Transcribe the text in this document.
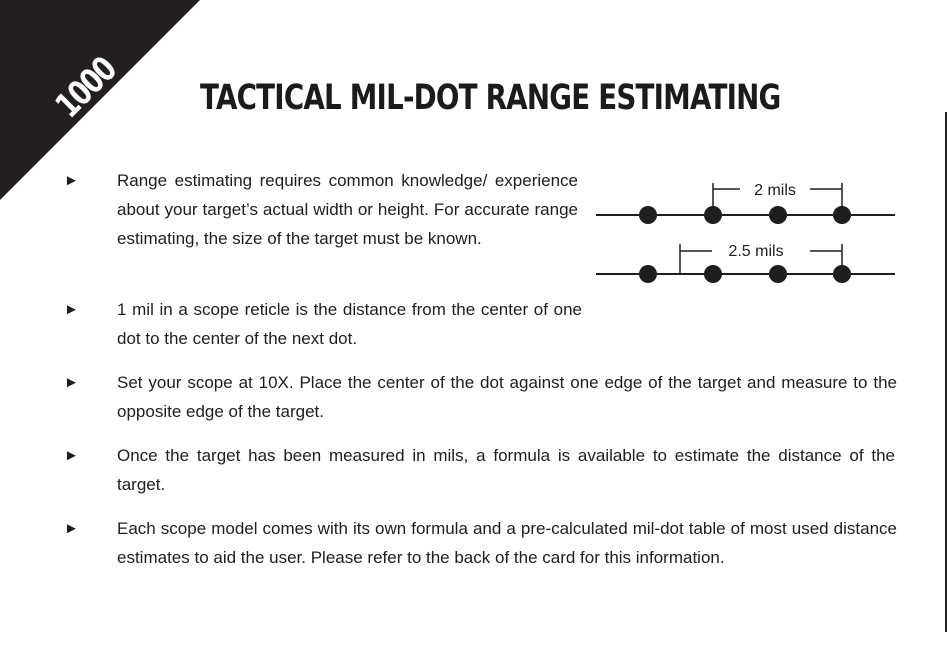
1000 TACTICAL MIL-DOT RANGE ESTIMATING
► Range estimating requires common knowledge/ experience about your target’s actual width or height. For accurate range estimating, the size of the target must be known.

► 1 mil in a scope reticle is the distance from the center of one dot to the center of the next dot.

► Set your scope at 10X. Place the center of the dot against one edge of the target and measure to the opposite edge of the target.

► Once the target has been measured in mils, a formula is available to estimate the distance of the target.

► Each scope model comes with its own formula and a pre-calculated mil-dot table of most used distance estimates to aid the user. Please refer to the back of the card for this information.

2 mils
2.5 mils
